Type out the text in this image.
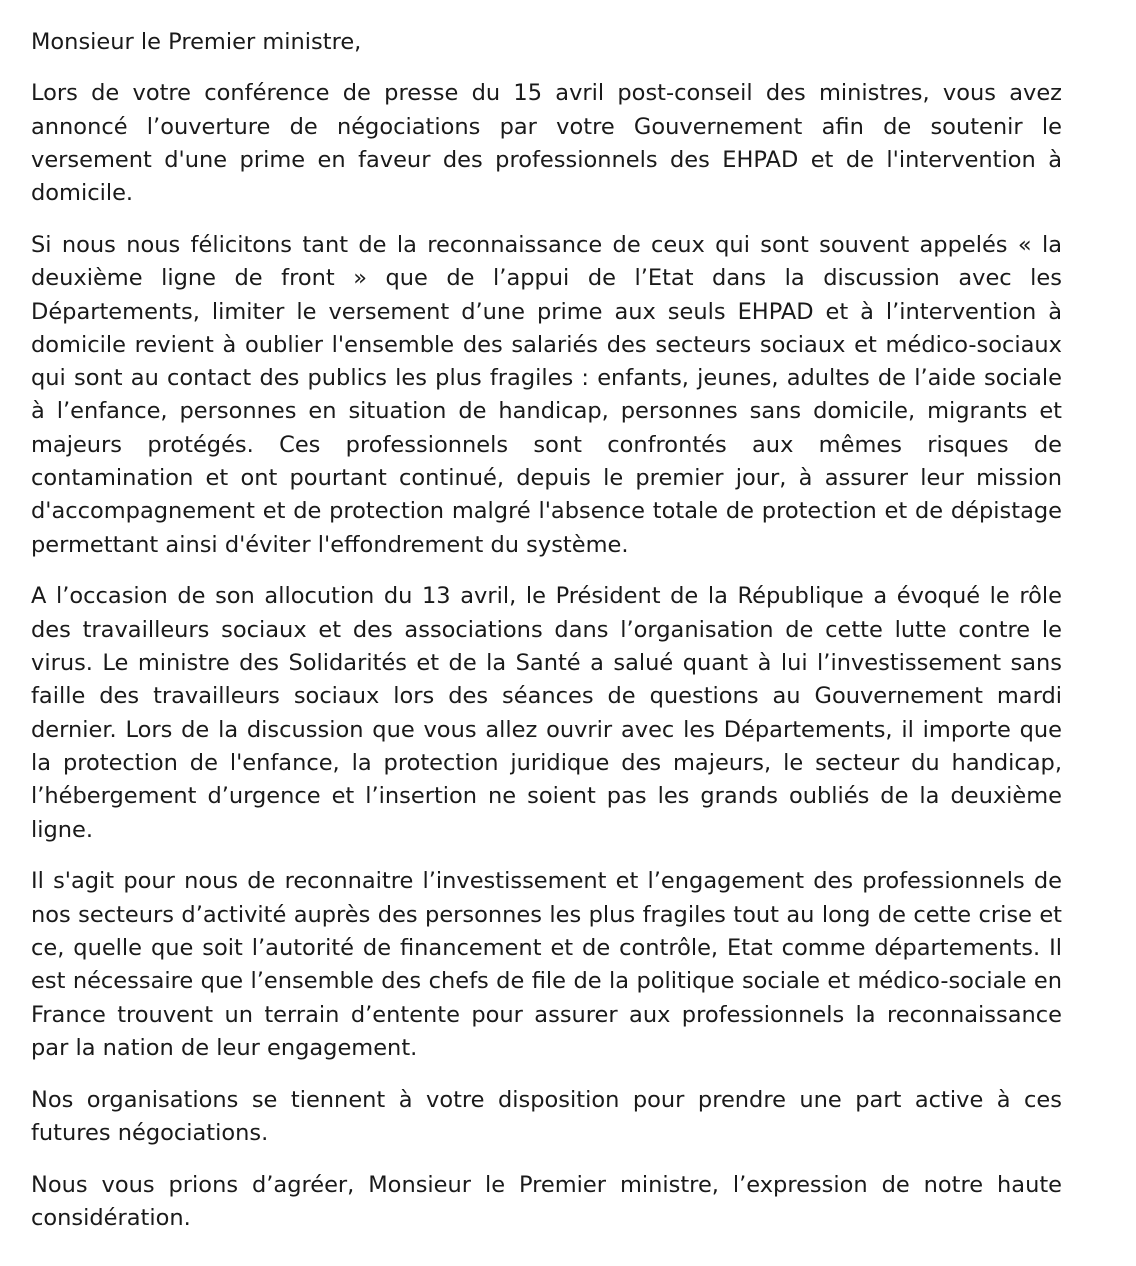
Monsieur le Premier ministre,

Lors de votre conférence de presse du 15 avril post-conseil des ministres, vous avez annoncé l’ouverture de négociations par votre Gouvernement afin de soutenir le versement d'une prime en faveur des professionnels des EHPAD et de l'intervention à domicile.

Si nous nous félicitons tant de la reconnaissance de ceux qui sont souvent appelés « la deuxième ligne de front » que de l’appui de l’Etat dans la discussion avec les Départements, limiter le versement d’une prime aux seuls EHPAD et à l’intervention à domicile revient à oublier l'ensemble des salariés des secteurs sociaux et médico-sociaux qui sont au contact des publics les plus fragiles : enfants, jeunes, adultes de l’aide sociale à l’enfance, personnes en situation de handicap, personnes sans domicile, migrants et majeurs protégés. Ces professionnels sont confrontés aux mêmes risques de contamination et ont pourtant continué, depuis le premier jour, à assurer leur mission d'accompagnement et de protection malgré l'absence totale de protection et de dépistage permettant ainsi d'éviter l'effondrement du système.

A l’occasion de son allocution du 13 avril, le Président de la République a évoqué le rôle des travailleurs sociaux et des associations dans l’organisation de cette lutte contre le virus. Le ministre des Solidarités et de la Santé a salué quant à lui l’investissement sans faille des travailleurs sociaux lors des séances de questions au Gouvernement mardi dernier. Lors de la discussion que vous allez ouvrir avec les Départements, il importe que la protection de l'enfance, la protection juridique des majeurs, le secteur du handicap, l’hébergement d’urgence et l’insertion ne soient pas les grands oubliés de la deuxième ligne.

Il s'agit pour nous de reconnaitre l’investissement et l’engagement des professionnels de nos secteurs d’activité auprès des personnes les plus fragiles tout au long de cette crise et ce, quelle que soit l’autorité de financement et de contrôle, Etat comme départements. Il est nécessaire que l’ensemble des chefs de file de la politique sociale et médico-sociale en France trouvent un terrain d’entente pour assurer aux professionnels la reconnaissance par la nation de leur engagement.

Nos organisations se tiennent à votre disposition pour prendre une part active à ces futures négociations.

Nous vous prions d’agréer, Monsieur le Premier ministre, l’expression de notre haute considération.
